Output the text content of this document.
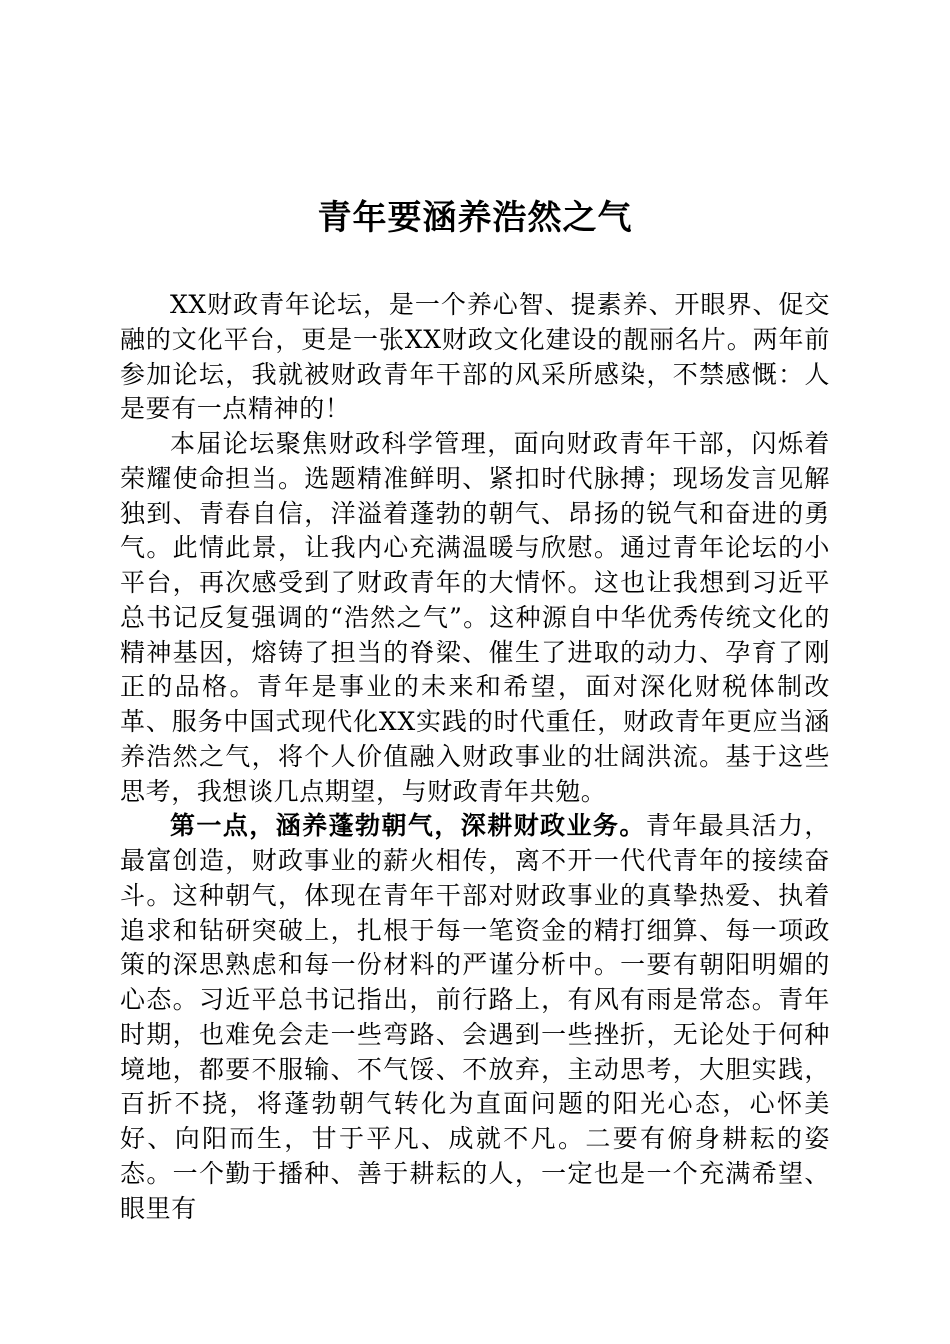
青年要涵养浩然之气

XX财政青年论坛，是一个养心智、提素养、开眼界、促交融的文化平台，更是一张XX财政文化建设的靓丽名片。两年前参加论坛，我就被财政青年干部的风采所感染，不禁感慨：人是要有一点精神的！

本届论坛聚焦财政科学管理，面向财政青年干部，闪烁着荣耀使命担当。选题精准鲜明、紧扣时代脉搏；现场发言见解独到、青春自信，洋溢着蓬勃的朝气、昂扬的锐气和奋进的勇气。此情此景，让我内心充满温暖与欣慰。通过青年论坛的小平台，再次感受到了财政青年的大情怀。这也让我想到习近平总书记反复强调的“浩然之气”。这种源自中华优秀传统文化的精神基因，熔铸了担当的脊梁、催生了进取的动力、孕育了刚正的品格。青年是事业的未来和希望，面对深化财税体制改革、服务中国式现代化XX实践的时代重任，财政青年更应当涵养浩然之气，将个人价值融入财政事业的壮阔洪流。基于这些思考，我想谈几点期望，与财政青年共勉。

第一点，涵养蓬勃朝气，深耕财政业务。青年最具活力，最富创造，财政事业的薪火相传，离不开一代代青年的接续奋斗。这种朝气，体现在青年干部对财政事业的真挚热爱、执着追求和钻研突破上，扎根于每一笔资金的精打细算、每一项政策的深思熟虑和每一份材料的严谨分析中。一要有朝阳明媚的心态。习近平总书记指出，前行路上，有风有雨是常态。青年时期，也难免会走一些弯路、会遇到一些挫折，无论处于何种境地，都要不服输、不气馁、不放弃，主动思考，大胆实践，百折不挠，将蓬勃朝气转化为直面问题的阳光心态，心怀美好、向阳而生，甘于平凡、成就不凡。二要有俯身耕耘的姿态。一个勤于播种、善于耕耘的人，一定也是一个充满希望、眼里有
